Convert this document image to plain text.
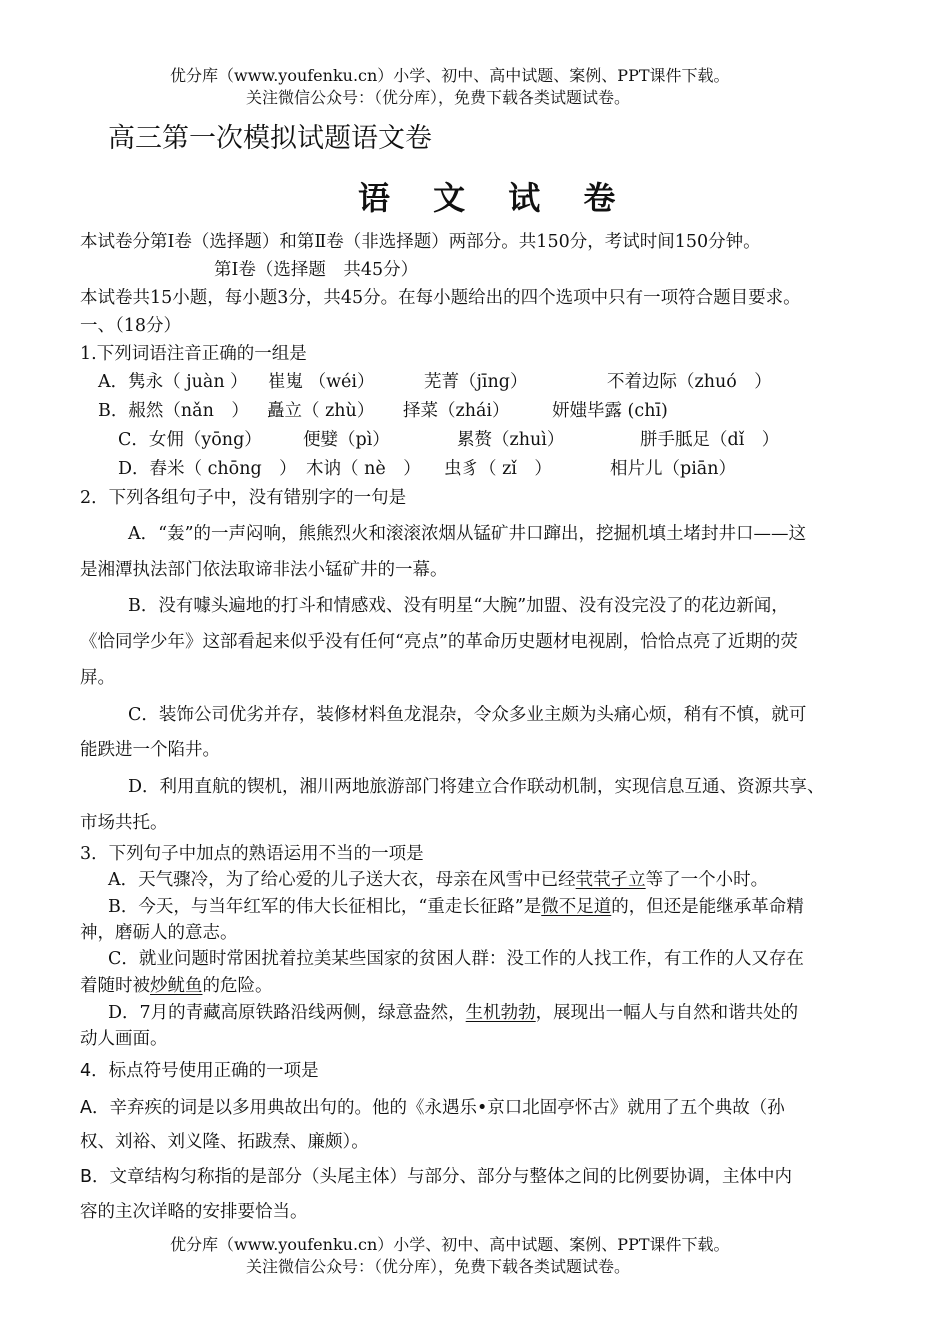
优分库（www.youfenku.cn）小学、初中、高中试题、案例、PPT课件下载。
关注微信公众号：（优分库），免费下载各类试题试卷。
高三第一次模拟试题语文卷
语 文 试 卷
本试卷分第Ⅰ卷（选择题）和第Ⅱ卷（非选择题）两部分。共150分，考试时间150分钟。
第Ⅰ卷（选择题　共45分）
本试卷共15小题，每小题3分，共45分。在每小题给出的四个选项中只有一项符合题目要求。
一、（18分）
1.下列词语注音正确的一组是
A．隽永（ juàn ） 崔嵬 （wéi）	芜菁（jīng）	不着边际（zhuó　）
B．赧然（nǎn　） 矗立（ zhù） 择菜（zhái） 妍媸毕露 (chī)
C．女佣（yōng） 便嬖（pì）	累赘（zhuì）	胼手胝足（dǐ　）
D．舂米（ chōng　） 木讷（ nè　） 虫豸（ zǐ　）	相片儿（piān）
2．下列各组句子中，没有错别字的一句是
A．“轰”的一声闷响，熊熊烈火和滚滚浓烟从锰矿井口蹿出，挖掘机填土堵封井口——这
是湘潭执法部门依法取谛非法小锰矿井的一幕。
B．没有噱头遍地的打斗和情感戏、没有明星“大腕”加盟、没有没完没了的花边新闻，
《恰同学少年》这部看起来似乎没有任何“亮点”的革命历史题材电视剧，恰恰点亮了近期的荧
屏。
C．装饰公司优劣并存，装修材料鱼龙混杂，令众多业主颇为头痛心烦，稍有不慎，就可
能跌进一个陷井。
D．利用直航的锲机，湘川两地旅游部门将建立合作联动机制，实现信息互通、资源共享、
市场共托。
3．下列句子中加点的熟语运用不当的一项是
A．天气骤冷，为了给心爱的儿子送大衣，母亲在风雪中已经茕茕孑立等了一个小时。
B．今天，与当年红军的伟大长征相比，“重走长征路”是微不足道的，但还是能继承革命精
神，磨砺人的意志。
C．就业问题时常困扰着拉美某些国家的贫困人群：没工作的人找工作，有工作的人又存在
着随时被炒鱿鱼的危险。
D．7月的青藏高原铁路沿线两侧，绿意盎然，生机勃勃，展现出一幅人与自然和谐共处的
动人画面。
4．标点符号使用正确的一项是
A．辛弃疾的词是以多用典故出句的。他的《永遇乐•京口北固亭怀古》就用了五个典故（孙
权、刘裕、刘义隆、拓跋焘、廉颇）。
B．文章结构匀称指的是部分（头尾主体）与部分、部分与整体之间的比例要协调，主体中内
容的主次详略的安排要恰当。
优分库（www.youfenku.cn）小学、初中、高中试题、案例、PPT课件下载。
关注微信公众号：（优分库），免费下载各类试题试卷。
